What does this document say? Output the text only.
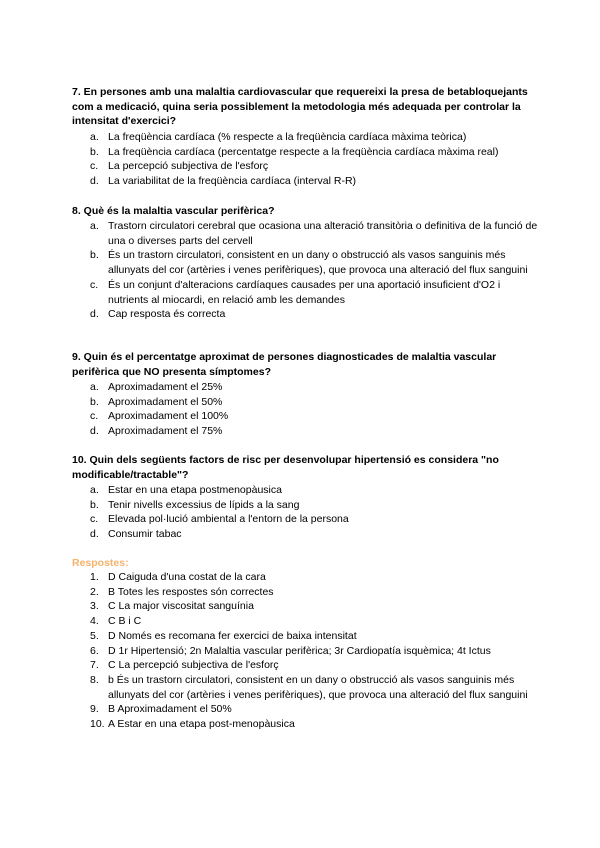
7. En persones amb una malaltia cardiovascular que requereixi la presa de betabloquejants com a medicació, quina seria possiblement la metodologia més adequada per controlar la intensitat d'exercici?
a. La freqüència cardíaca (% respecte a la freqüència cardíaca màxima teòrica)
b. La freqüència cardíaca (percentatge respecte a la freqüència cardíaca màxima real)
c. La percepció subjectiva de l'esforç
d. La variabilitat de la freqüència cardíaca (interval R-R)
8. Què és la malaltia vascular perifèrica?
a. Trastorn circulatori cerebral que ocasiona una alteració transitòria o definitiva de la funció de una o diverses parts del cervell
b. És un trastorn circulatori, consistent en un dany o obstrucció als vasos sanguinis més allunyats del cor (artèries i venes perifèriques), que provoca una alteració del flux sanguini
c. És un conjunt d'alteracions cardíaques causades per una aportació insuficient d'O2 i nutrients al miocardi, en relació amb les demandes
d. Cap resposta és correcta
9. Quin és el percentatge aproximat de persones diagnosticades de malaltia vascular perifèrica que NO presenta símptomes?
a. Aproximadament el 25%
b. Aproximadament el 50%
c. Aproximadament el 100%
d. Aproximadament el 75%
10. Quin dels següents factors de risc per desenvolupar hipertensió es considera "no modificable/tractable"?
a. Estar en una etapa postmenopàusica
b. Tenir nivells excessius de lípids a la sang
c. Elevada pol·lució ambiental a l'entorn de la persona
d. Consumir tabac
Respostes:
1. D Caiguda d'una costat de la cara
2. B Totes les respostes són correctes
3. C La major viscositat sanguínia
4. C B i C
5. D Només es recomana fer exercici de baixa intensitat
6. D 1r Hipertensió; 2n Malaltia vascular perifèrica; 3r Cardiopatía isquèmica; 4t Ictus
7. C La percepció subjectiva de l'esforç
8. b És un trastorn circulatori, consistent en un dany o obstrucció als vasos sanguinis més allunyats del cor (artèries i venes perifèriques), que provoca una alteració del flux sanguini
9. B Aproximadament el 50%
10. A Estar en una etapa post-menopàusica
